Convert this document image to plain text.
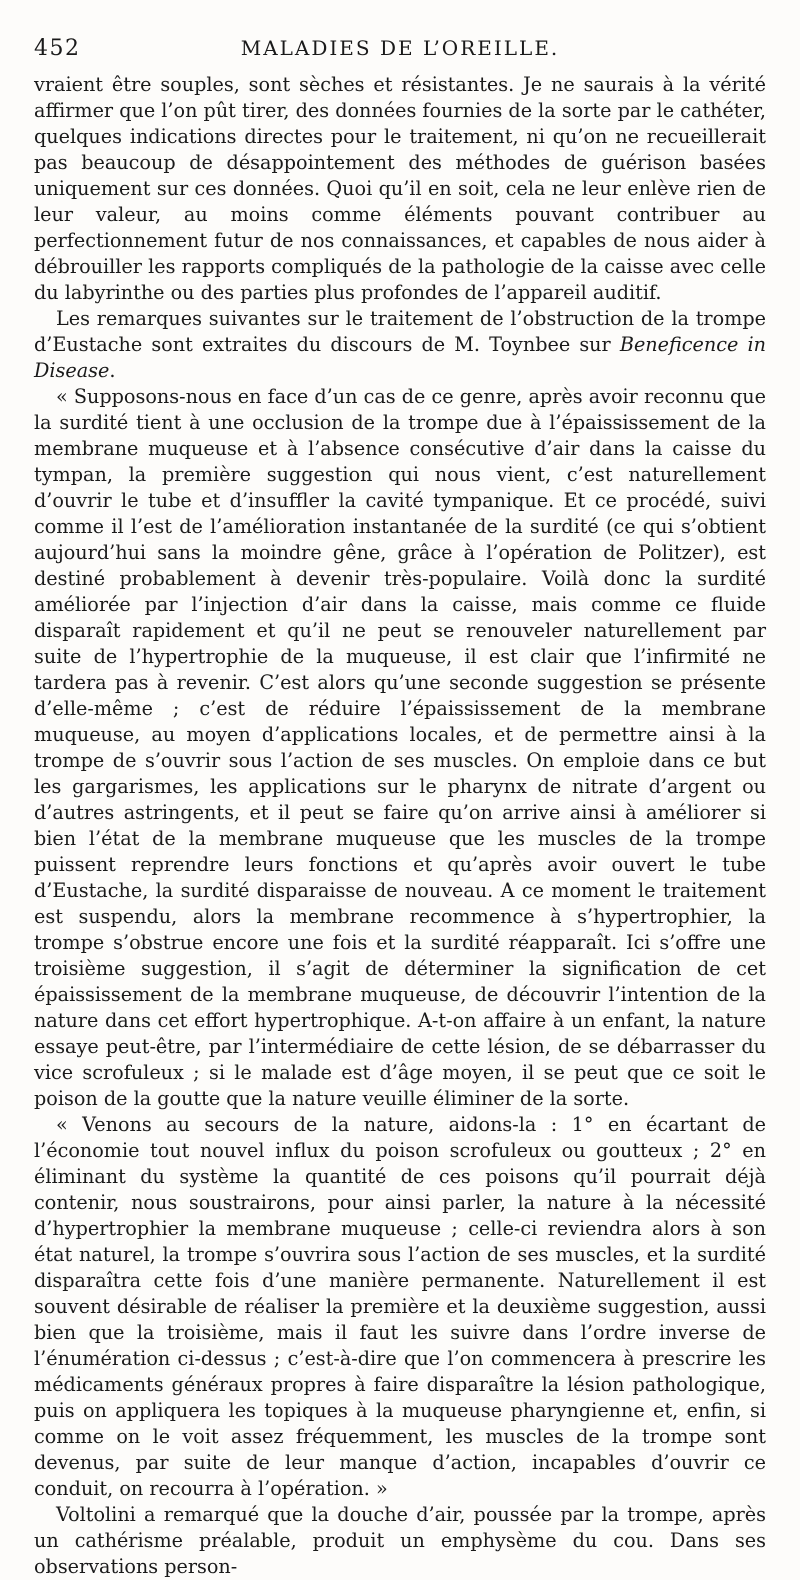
452	MALADIES DE L’OREILLE.

vraient être souples, sont sèches et résistantes. Je ne saurais à la vérité affirmer que l’on pût tirer, des données fournies de la sorte par le cathéter, quelques indications directes pour le traitement, ni qu’on ne recueillerait pas beaucoup de désappointement des méthodes de guérison basées uniquement sur ces données. Quoi qu’il en soit, cela ne leur enlève rien de leur valeur, au moins comme éléments pouvant contribuer au perfectionnement futur de nos connaissances, et capables de nous aider à débrouiller les rapports compliqués de la pathologie de la caisse avec celle du labyrinthe ou des parties plus profondes de l’appareil auditif.

Les remarques suivantes sur le traitement de l’obstruction de la trompe d’Eustache sont extraites du discours de M. Toynbee sur Beneficence in Disease.

« Supposons-nous en face d’un cas de ce genre, après avoir reconnu que la surdité tient à une occlusion de la trompe due à l’épaississement de la membrane muqueuse et à l’absence consécutive d’air dans la caisse du tympan, la première suggestion qui nous vient, c’est naturellement d’ouvrir le tube et d’insuffler la cavité tympanique. Et ce procédé, suivi comme il l’est de l’amélioration instantanée de la surdité (ce qui s’obtient aujourd’hui sans la moindre gêne, grâce à l’opération de Politzer), est destiné probablement à devenir très-populaire. Voilà donc la surdité améliorée par l’injection d’air dans la caisse, mais comme ce fluide disparaît rapidement et qu’il ne peut se renouveler naturellement par suite de l’hypertrophie de la muqueuse, il est clair que l’infirmité ne tardera pas à revenir. C’est alors qu’une seconde suggestion se présente d’elle-même ; c’est de réduire l’épaississement de la membrane muqueuse, au moyen d’applications locales, et de permettre ainsi à la trompe de s’ouvrir sous l’action de ses muscles. On emploie dans ce but les gargarismes, les applications sur le pharynx de nitrate d’argent ou d’autres astringents, et il peut se faire qu’on arrive ainsi à améliorer si bien l’état de la membrane muqueuse que les muscles de la trompe puissent reprendre leurs fonctions et qu’après avoir ouvert le tube d’Eustache, la surdité disparaisse de nouveau. A ce moment le traitement est suspendu, alors la membrane recommence à s’hypertrophier, la trompe s’obstrue encore une fois et la surdité réapparaît. Ici s’offre une troisième suggestion, il s’agit de déterminer la signification de cet épaississement de la membrane muqueuse, de découvrir l’intention de la nature dans cet effort hypertrophique. A-t-on affaire à un enfant, la nature essaye peut-être, par l’intermédiaire de cette lésion, de se débarrasser du vice scrofuleux ; si le malade est d’âge moyen, il se peut que ce soit le poison de la goutte que la nature veuille éliminer de la sorte.

« Venons au secours de la nature, aidons-la : 1° en écartant de l’économie tout nouvel influx du poison scrofuleux ou goutteux ; 2° en éliminant du système la quantité de ces poisons qu’il pourrait déjà contenir, nous soustrairons, pour ainsi parler, la nature à la nécessité d’hypertrophier la membrane muqueuse ; celle-ci reviendra alors à son état naturel, la trompe s’ouvrira sous l’action de ses muscles, et la surdité disparaîtra cette fois d’une manière permanente. Naturellement il est souvent désirable de réaliser la première et la deuxième suggestion, aussi bien que la troisième, mais il faut les suivre dans l’ordre inverse de l’énumération ci-dessus ; c’est-à-dire que l’on commencera à prescrire les médicaments généraux propres à faire disparaître la lésion pathologique, puis on appliquera les topiques à la muqueuse pharyngienne et, enfin, si comme on le voit assez fréquemment, les muscles de la trompe sont devenus, par suite de leur manque d’action, incapables d’ouvrir ce conduit, on recourra à l’opération. »

Voltolini a remarqué que la douche d’air, poussée par la trompe, après un cathérisme préalable, produit un emphysème du cou. Dans ses observations person-
